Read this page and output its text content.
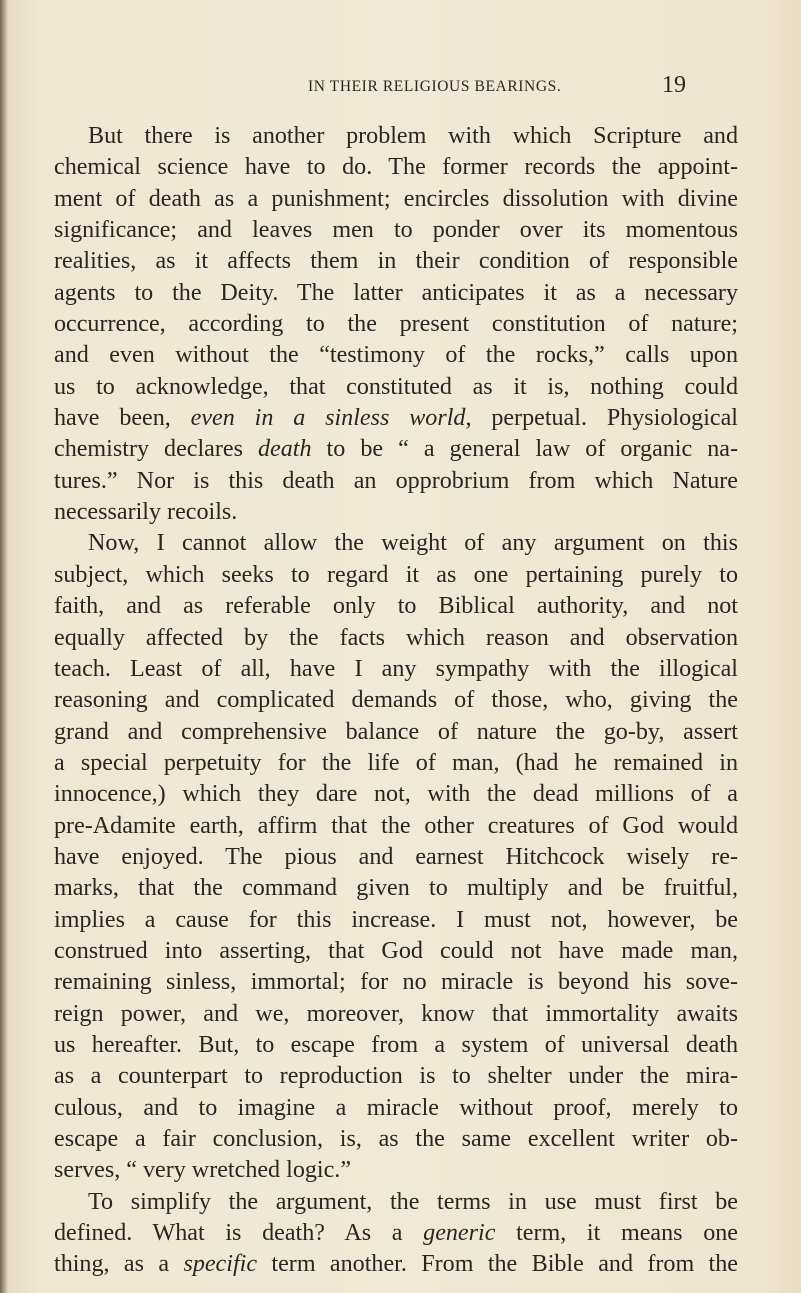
IN THEIR RELIGIOUS BEARINGS.	19
But there is another problem with which Scripture and
chemical science have to do. The former records the appoint-
ment of death as a punishment; encircles dissolution with divine
significance; and leaves men to ponder over its momentous
realities, as it affects them in their condition of responsible
agents to the Deity. The latter anticipates it as a necessary
occurrence, according to the present constitution of nature;
and even without the “testimony of the rocks,” calls upon
us to acknowledge, that constituted as it is, nothing could
have been, even in a sinless world, perpetual. Physiological
chemistry declares death to be “ a general law of organic na-
tures.” Nor is this death an opprobrium from which Nature
necessarily recoils.
Now, I cannot allow the weight of any argument on this
subject, which seeks to regard it as one pertaining purely to
faith, and as referable only to Biblical authority, and not
equally affected by the facts which reason and observation
teach. Least of all, have I any sympathy with the illogical
reasoning and complicated demands of those, who, giving the
grand and comprehensive balance of nature the go-by, assert
a special perpetuity for the life of man, (had he remained in
innocence,) which they dare not, with the dead millions of a
pre-Adamite earth, affirm that the other creatures of God would
have enjoyed. The pious and earnest Hitchcock wisely re-
marks, that the command given to multiply and be fruitful,
implies a cause for this increase. I must not, however, be
construed into asserting, that God could not have made man,
remaining sinless, immortal; for no miracle is beyond his sove-
reign power, and we, moreover, know that immortality awaits
us hereafter. But, to escape from a system of universal death
as a counterpart to reproduction is to shelter under the mira-
culous, and to imagine a miracle without proof, merely to
escape a fair conclusion, is, as the same excellent writer ob-
serves, “ very wretched logic.”
To simplify the argument, the terms in use must first be
defined. What is death? As a generic term, it means one
thing, as a specific term another. From the Bible and from the
